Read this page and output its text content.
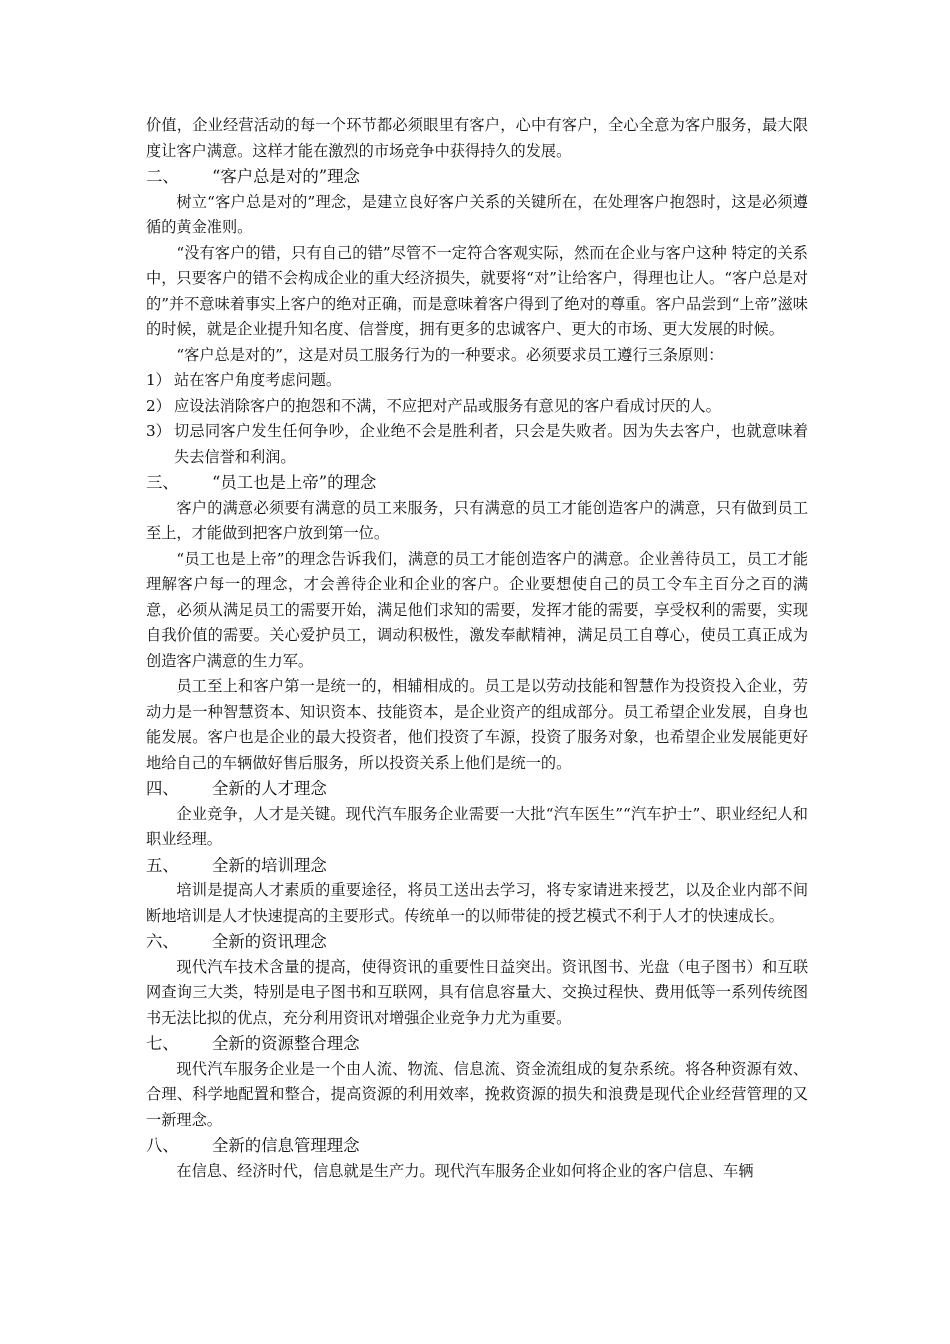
价值，企业经营活动的每一个环节都必须眼里有客户，心中有客户，全心全意为客户服务，最大限度让客户满意。这样才能在激烈的市场竞争中获得持久的发展。

二、 “客户总是对的”理念

树立“客户总是对的”理念，是建立良好客户关系的关键所在，在处理客户抱怨时，这是必须遵循的黄金准则。

“没有客户的错，只有自己的错”尽管不一定符合客观实际，然而在企业与客户这种 特定的关系中，只要客户的错不会构成企业的重大经济损失，就要将“对”让给客户，得理也让人。“客户总是对的”并不意味着事实上客户的绝对正确，而是意味着客户得到了绝对的尊重。客户品尝到“上帝”滋味的时候，就是企业提升知名度、信誉度，拥有更多的忠诚客户、更大的市场、更大发展的时候。

“客户总是对的”，这是对员工服务行为的一种要求。必须要求员工遵行三条原则：

1） 站在客户角度考虑问题。
2） 应设法消除客户的抱怨和不满，不应把对产品或服务有意见的客户看成讨厌的人。
3） 切忌同客户发生任何争吵，企业绝不会是胜利者，只会是失败者。因为失去客户，也就意味着失去信誉和利润。
三、 “员工也是上帝”的理念

客户的满意必须要有满意的员工来服务，只有满意的员工才能创造客户的满意，只有做到员工至上，才能做到把客户放到第一位。

“员工也是上帝”的理念告诉我们，满意的员工才能创造客户的满意。企业善待员工，员工才能理解客户每一的理念，才会善待企业和企业的客户。企业要想使自己的员工令车主百分之百的满意，必须从满足员工的需要开始，满足他们求知的需要，发挥才能的需要，享受权利的需要，实现自我价值的需要。关心爱护员工，调动积极性，激发奉献精神，满足员工自尊心，使员工真正成为创造客户满意的生力军。

员工至上和客户第一是统一的，相辅相成的。员工是以劳动技能和智慧作为投资投入企业，劳动力是一种智慧资本、知识资本、技能资本，是企业资产的组成部分。员工希望企业发展，自身也能发展。客户也是企业的最大投资者，他们投资了车源，投资了服务对象，也希望企业发展能更好地给自己的车辆做好售后服务，所以投资关系上他们是统一的。

四、 全新的人才理念

企业竞争，人才是关键。现代汽车服务企业需要一大批“汽车医生”“汽车护士”、职业经纪人和职业经理。

五、 全新的培训理念

培训是提高人才素质的重要途径，将员工送出去学习，将专家请进来授艺，以及企业内部不间断地培训是人才快速提高的主要形式。传统单一的以师带徒的授艺模式不利于人才的快速成长。

六、 全新的资讯理念

现代汽车技术含量的提高，使得资讯的重要性日益突出。资讯图书、光盘（电子图书）和互联网查询三大类，特别是电子图书和互联网，具有信息容量大、交换过程快、费用低等一系列传统图书无法比拟的优点，充分利用资讯对增强企业竞争力尤为重要。

七、 全新的资源整合理念

现代汽车服务企业是一个由人流、物流、信息流、资金流组成的复杂系统。将各种资源有效、合理、科学地配置和整合，提高资源的利用效率，挽救资源的损失和浪费是现代企业经营管理的又一新理念。

八、 全新的信息管理理念

在信息、经济时代，信息就是生产力。现代汽车服务企业如何将企业的客户信息、车辆
